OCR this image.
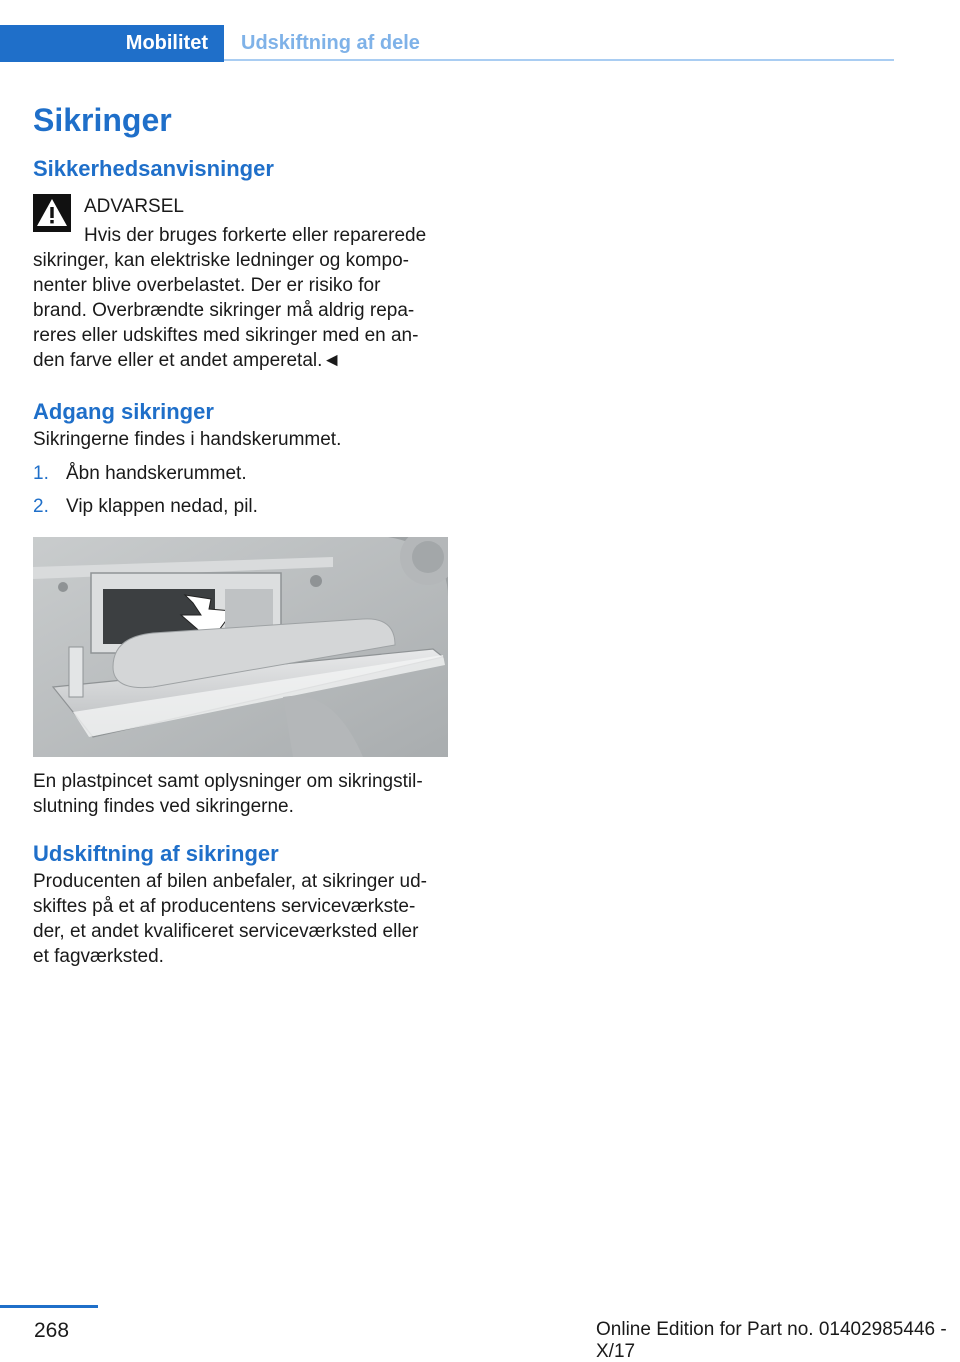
Mobilitet	Udskiftning af dele
Sikringer
Sikkerhedsanvisninger
ADVARSEL
Hvis der bruges forkerte eller reparerede
sikringer, kan elektriske ledninger og kompo-
nenter blive overbelastet. Der er risiko for
brand. Overbrændte sikringer må aldrig repa-
reres eller udskiftes med sikringer med en an-
den farve eller et andet amperetal.◄
Adgang sikringer

Sikringerne findes i handskerummet.

1. Åbn handskerummet.
2. Vip klappen nedad, pil.

En plastpincet samt oplysninger om sikringstil-

slutning findes ved sikringerne.

Udskiftning af sikringer

Producenten af bilen anbefaler, at sikringer ud-

skiftes på et af producentens serviceværkste-

der, et andet kvalificeret serviceværksted eller

et fagværksted.

268	Online Edition for Part no. 01402985446 - X/17
